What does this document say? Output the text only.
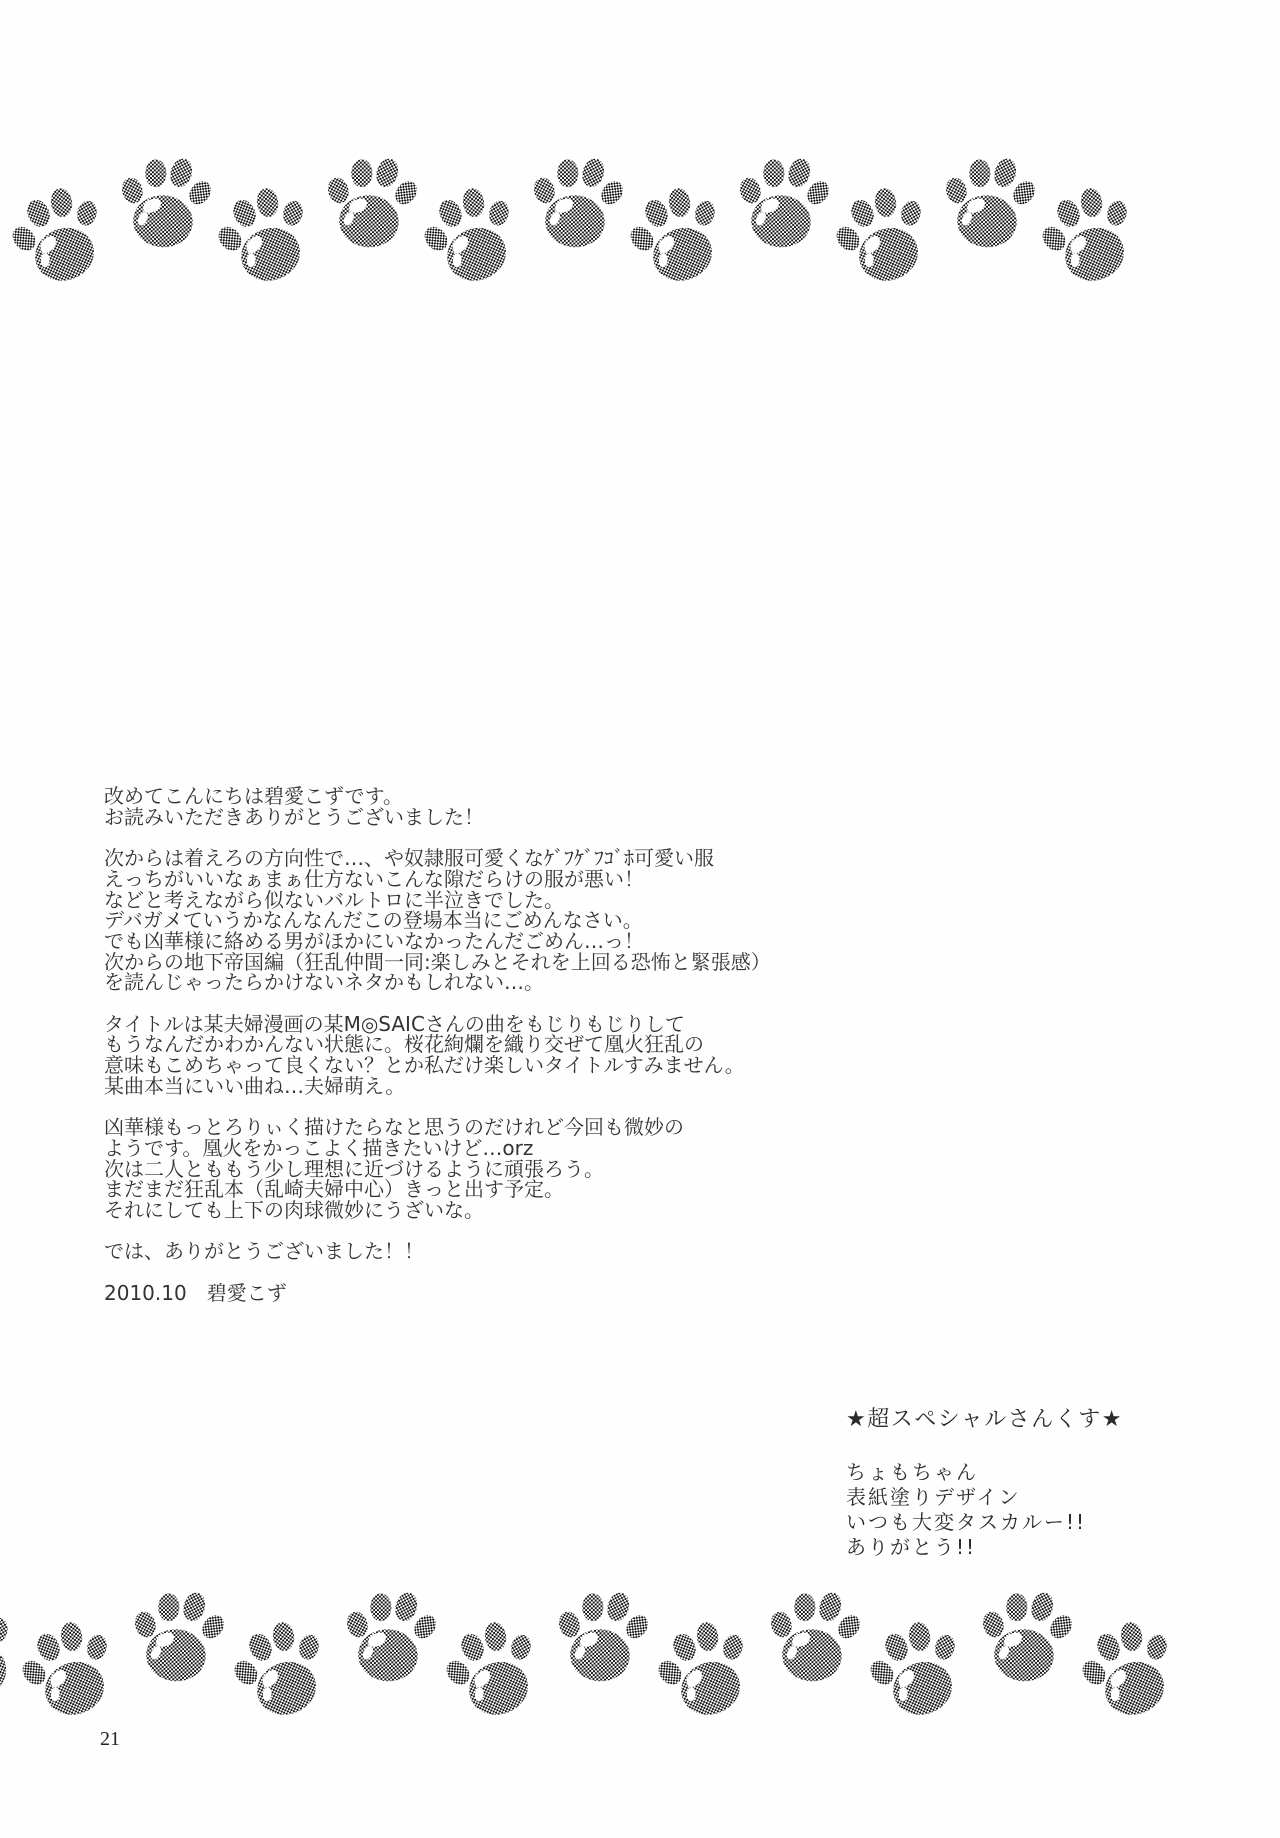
改めてこんにちは碧愛こずです。
お読みいただきありがとうございました！

次からは着えろの方向性で…、や奴隷服可愛くなｹﾞﾌｹﾞﾌｺﾞﾎ可愛い服
えっちがいいなぁまぁ仕方ないこんな隙だらけの服が悪い！
などと考えながら似ないバルトロに半泣きでした。
デバガメていうかなんなんだこの登場本当にごめんなさい。
でも凶華様に絡める男がほかにいなかったんだごめん…っ！
次からの地下帝国編（狂乱仲間一同:楽しみとそれを上回る恐怖と緊張感）
を読んじゃったらかけないネタかもしれない…。

タイトルは某夫婦漫画の某M◎SAICさんの曲をもじりもじりして
もうなんだかわかんない状態に。桜花絢爛を織り交ぜて凰火狂乱の
意味もこめちゃって良くない？とか私だけ楽しいタイトルすみません。
某曲本当にいい曲ね…夫婦萌え。

凶華様もっとろりぃく描けたらなと思うのだけれど今回も微妙の
ようです。凰火をかっこよく描きたいけど…orz
次は二人とももう少し理想に近づけるように頑張ろう。
まだまだ狂乱本（乱崎夫婦中心）きっと出す予定。
それにしても上下の肉球微妙にうざいな。

では、ありがとうございました！！

2010.10　碧愛こず
★超スペシャルさんくす★
ちょもちゃん
表紙塗りデザイン
いつも大変タスカルー!!
ありがとう!!
21
